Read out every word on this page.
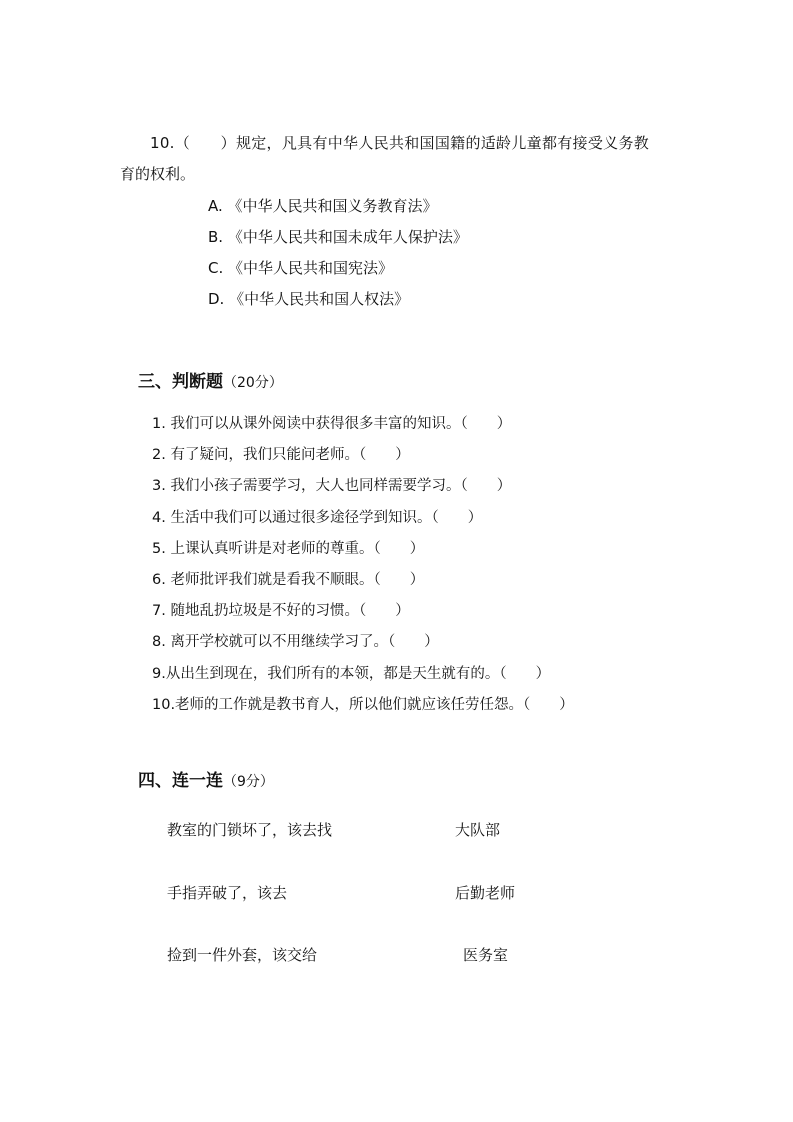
10.（　　）规定，凡具有中华人民共和国国籍的适龄儿童都有接受义务教
育的权利。
A. 《中华人民共和国义务教育法》
B. 《中华人民共和国未成年人保护法》
C. 《中华人民共和国宪法》
D. 《中华人民共和国人权法》
三、判断题（20分）
1. 我们可以从课外阅读中获得很多丰富的知识。（　　）
2. 有了疑问，我们只能问老师。（　　）
3. 我们小孩子需要学习，大人也同样需要学习。（　　）
4. 生活中我们可以通过很多途径学到知识。（　　）
5. 上课认真听讲是对老师的尊重。（　　）
6. 老师批评我们就是看我不顺眼。（　　）
7. 随地乱扔垃圾是不好的习惯。（　　）
8. 离开学校就可以不用继续学习了。（　　）
9.从出生到现在，我们所有的本领，都是天生就有的。（　　）
10.老师的工作就是教书育人，所以他们就应该任劳任怨。（　　）
四、连一连（9分）
教室的门锁坏了，该去找
手指弄破了，该去
捡到一件外套，该交给
大队部
后勤老师
医务室
